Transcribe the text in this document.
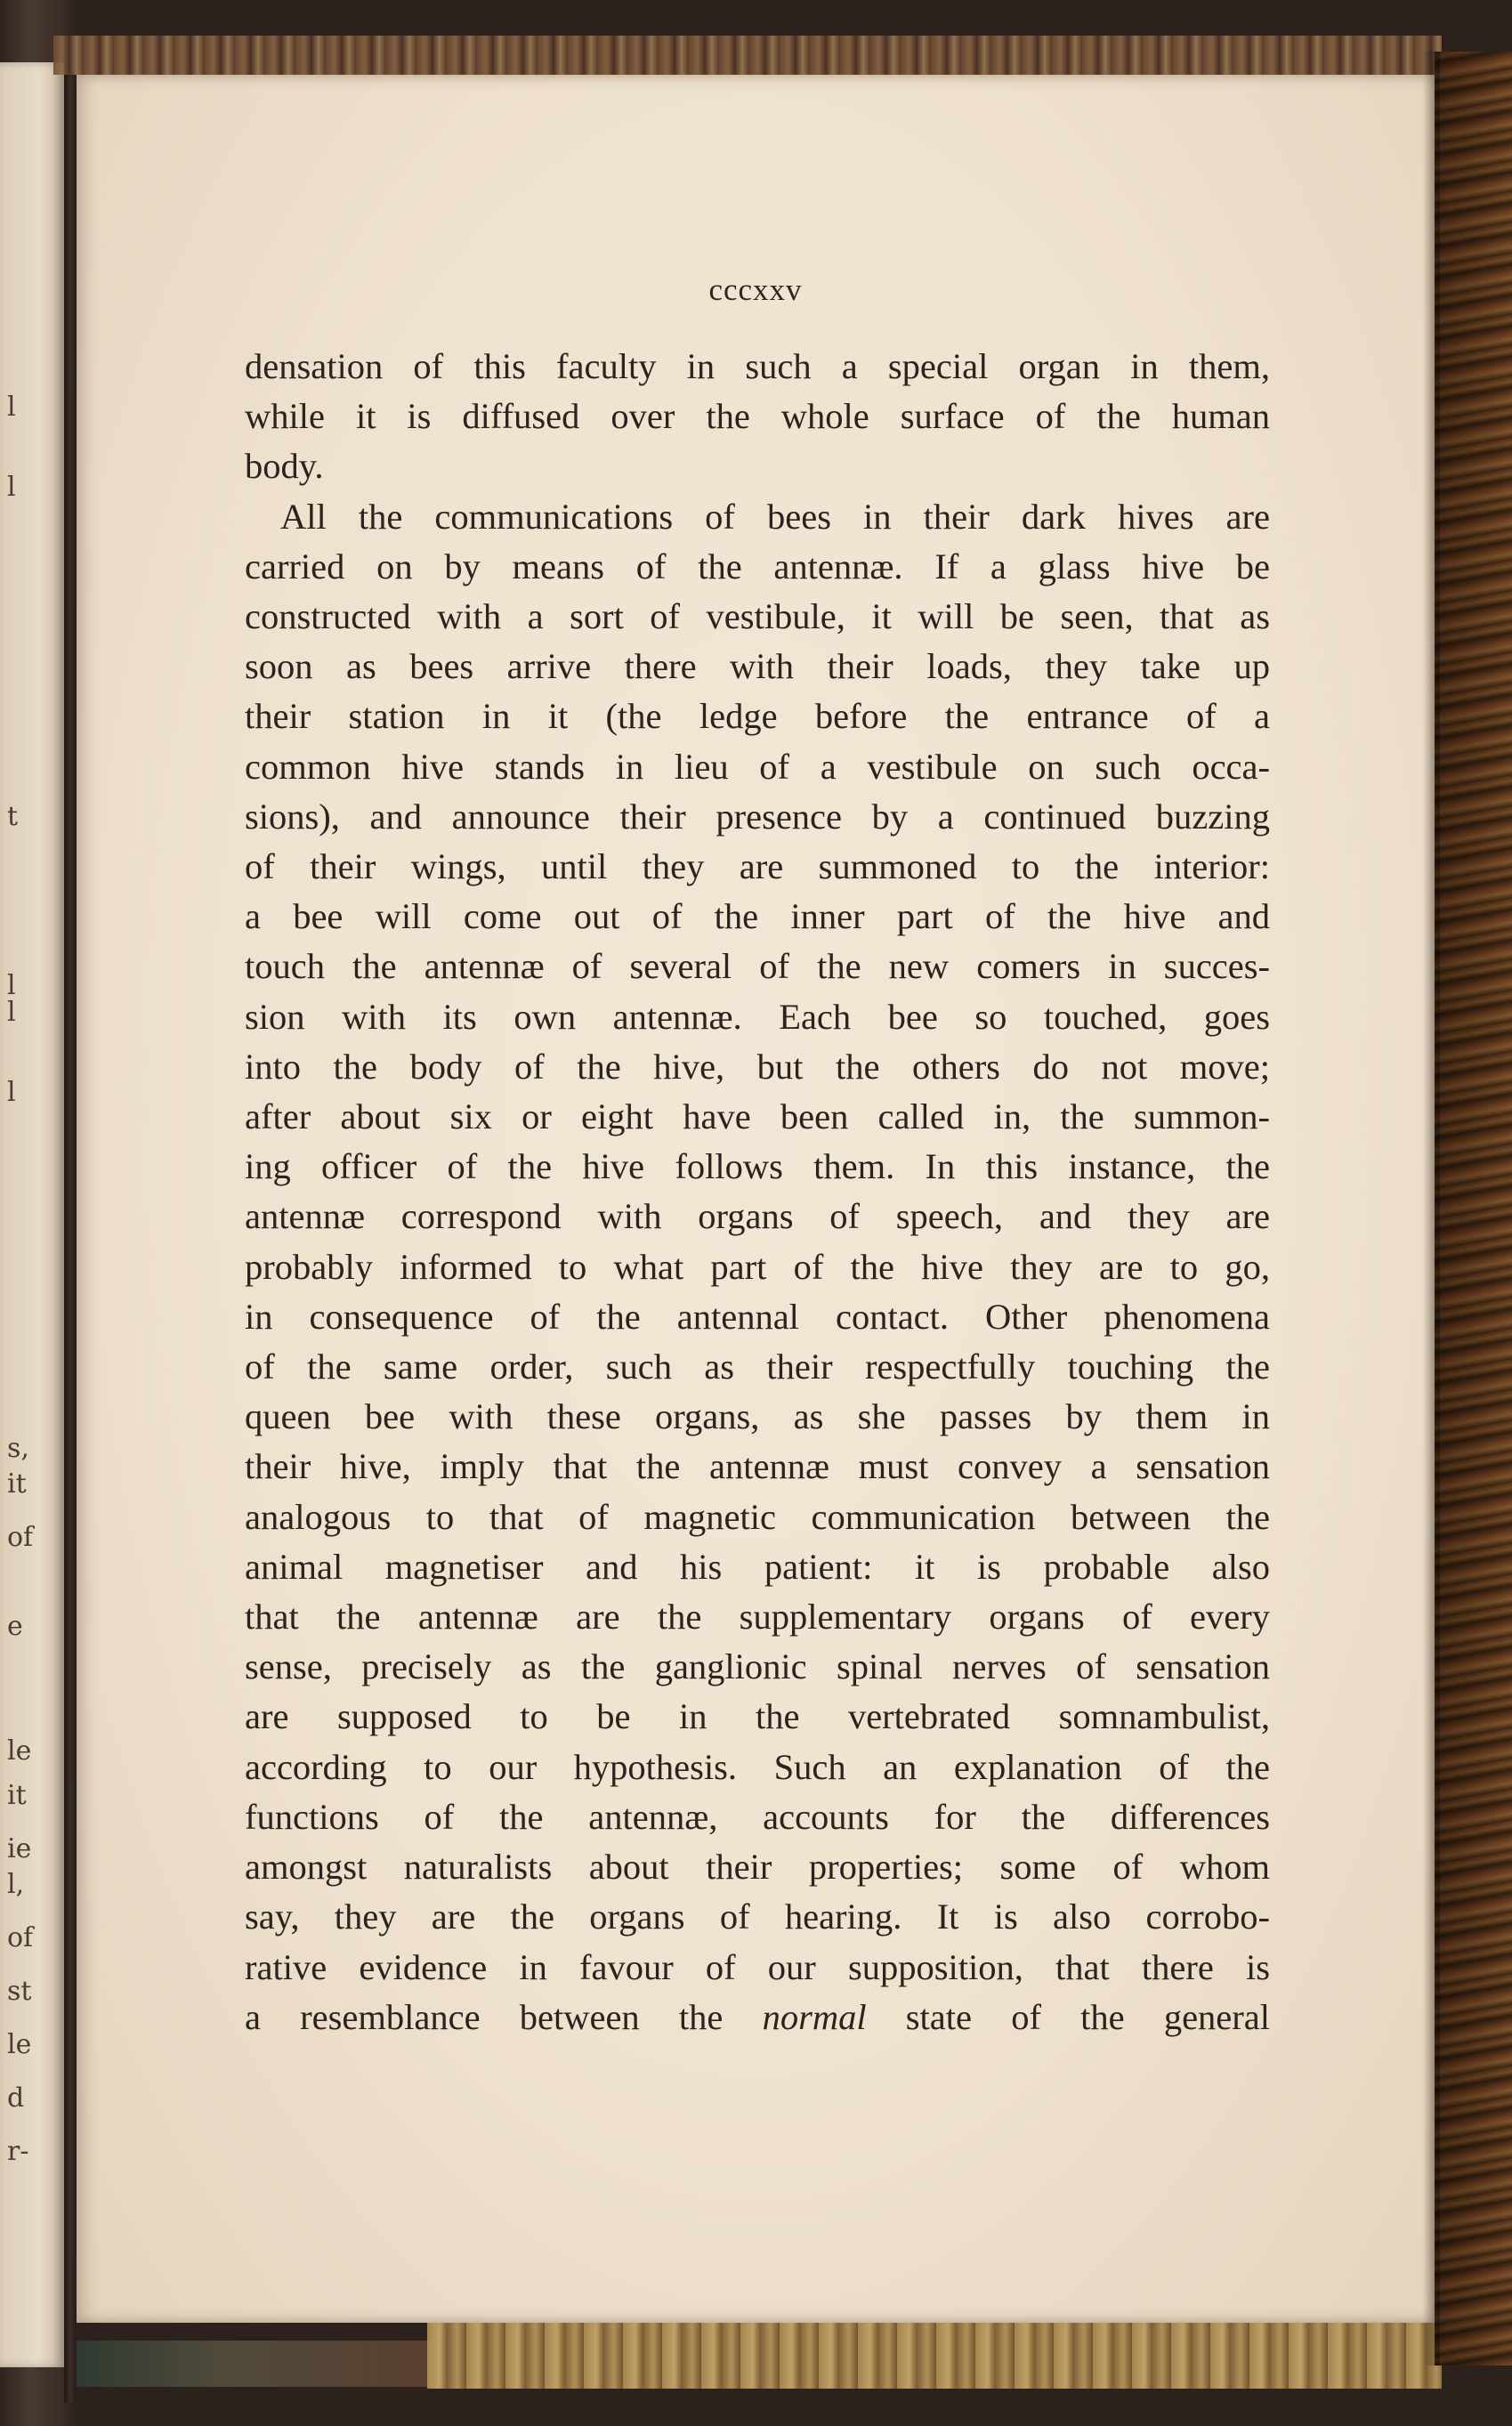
l
l
t
l
l
l
s,
it
of
e
le
it
ie
l,
of
st
le
d
r-
cccxxv

densation of this faculty in such a special organ in them,
while it is diffused over the whole surface of the human
body.

All the communications of bees in their dark hives are
carried on by means of the antennæ. If a glass hive be
constructed with a sort of vestibule, it will be seen, that as
soon as bees arrive there with their loads, they take up
their station in it (the ledge before the entrance of a
common hive stands in lieu of a vestibule on such occa-
sions), and announce their presence by a continued buzzing
of their wings, until they are summoned to the interior:
a bee will come out of the inner part of the hive and
touch the antennæ of several of the new comers in succes-
sion with its own antennæ. Each bee so touched, goes
into the body of the hive, but the others do not move;
after about six or eight have been called in, the summon-
ing officer of the hive follows them. In this instance, the
antennæ correspond with organs of speech, and they are
probably informed to what part of the hive they are to go,
in consequence of the antennal contact. Other phenomena
of the same order, such as their respectfully touching the
queen bee with these organs, as she passes by them in
their hive, imply that the antennæ must convey a sensation
analogous to that of magnetic communication between the
animal magnetiser and his patient: it is probable also
that the antennæ are the supplementary organs of every
sense, precisely as the ganglionic spinal nerves of sensation
are supposed to be in the vertebrated somnambulist,
according to our hypothesis. Such an explanation of the
functions of the antennæ, accounts for the differences
amongst naturalists about their properties; some of whom
say, they are the organs of hearing. It is also corrobo-
rative evidence in favour of our supposition, that there is
a resemblance between the normal state of the general
